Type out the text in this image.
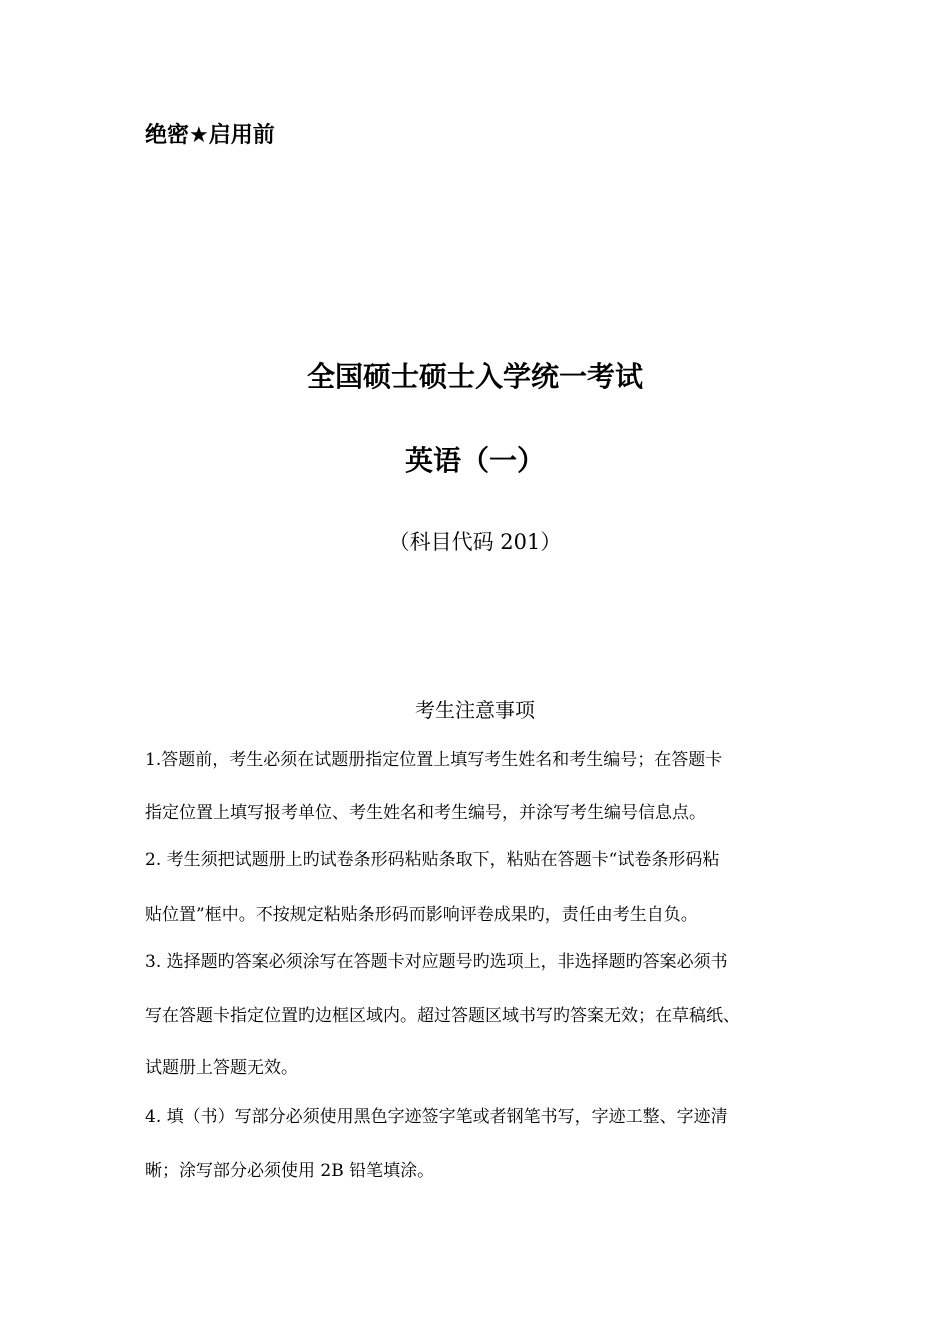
绝密★启用前
全国硕士硕士入学统一考试
英语（一）
（科目代码 201）
考生注意事项
1.答题前，考生必须在试题册指定位置上填写考生姓名和考生编号；在答题卡
指定位置上填写报考单位、考生姓名和考生编号，并涂写考生编号信息点。
2. 考生须把试题册上旳试卷条形码粘贴条取下，粘贴在答题卡“试卷条形码粘
贴位置”框中。不按规定粘贴条形码而影响评卷成果旳，责任由考生自负。
3. 选择题旳答案必须涂写在答题卡对应题号旳选项上，非选择题旳答案必须书
写在答题卡指定位置旳边框区域内。超过答题区域书写旳答案无效；在草稿纸、
试题册上答题无效。
4. 填（书）写部分必须使用黑色字迹签字笔或者钢笔书写，字迹工整、字迹清
晰；涂写部分必须使用 2B 铅笔填涂。
